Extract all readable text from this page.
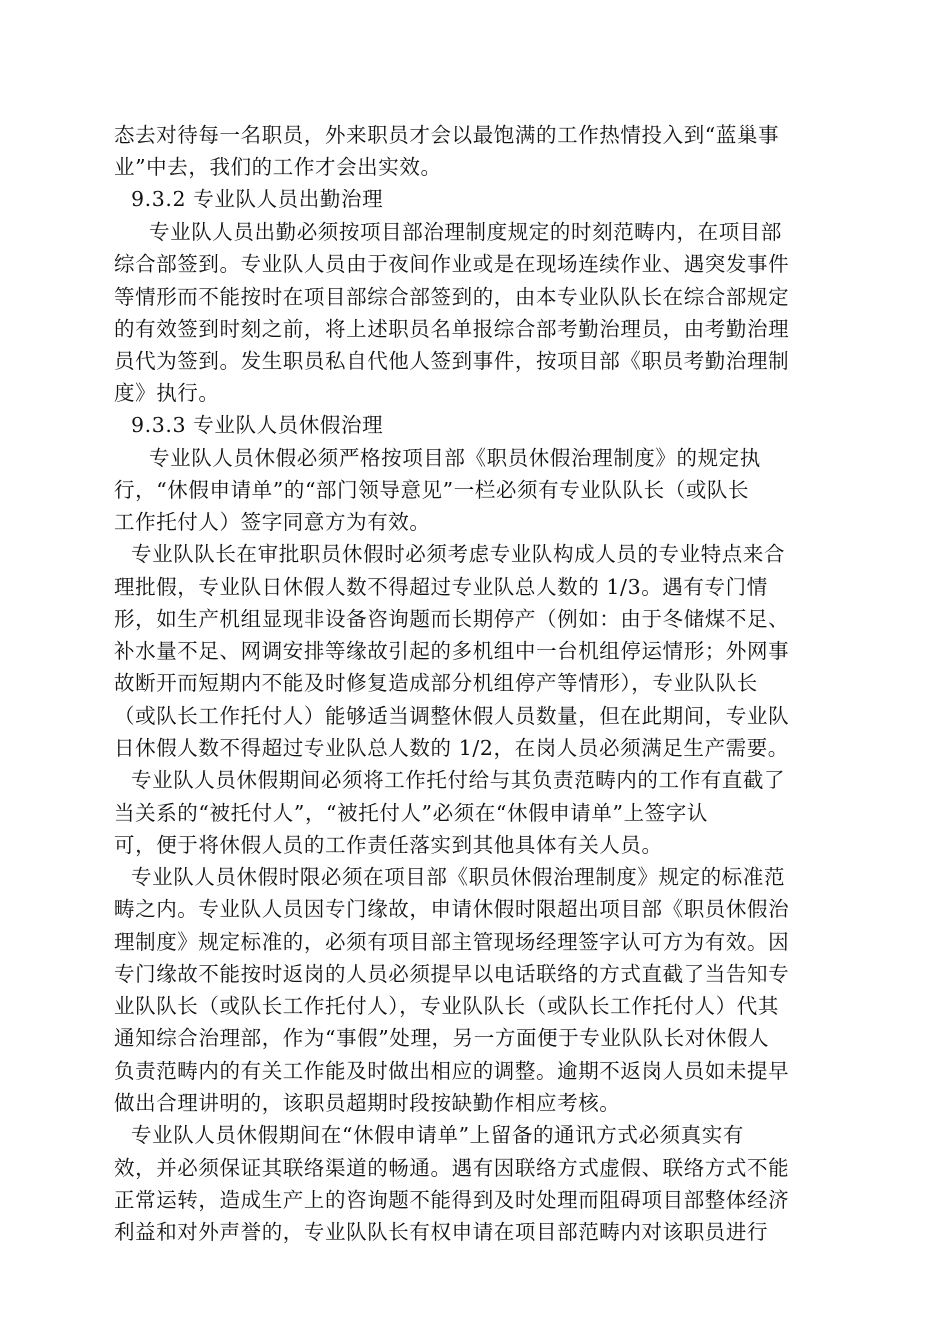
态去对待每一名职员，外来职员才会以最饱满的工作热情投入到“蓝巢事
业”中去，我们的工作才会出实效。
9.3.2 专业队人员出勤治理
专业队人员出勤必须按项目部治理制度规定的时刻范畴内，在项目部
综合部签到。专业队人员由于夜间作业或是在现场连续作业、遇突发事件
等情形而不能按时在项目部综合部签到的，由本专业队队长在综合部规定
的有效签到时刻之前，将上述职员名单报综合部考勤治理员，由考勤治理
员代为签到。发生职员私自代他人签到事件，按项目部《职员考勤治理制
度》执行。
9.3.3 专业队人员休假治理
专业队人员休假必须严格按项目部《职员休假治理制度》的规定执
行，“休假申请单”的“部门领导意见”一栏必须有专业队队长（或队长
工作托付人）签字同意方为有效。
专业队队长在审批职员休假时必须考虑专业队构成人员的专业特点来合
理批假，专业队日休假人数不得超过专业队总人数的 1/3。遇有专门情
形，如生产机组显现非设备咨询题而长期停产（例如：由于冬储煤不足、
补水量不足、网调安排等缘故引起的多机组中一台机组停运情形；外网事
故断开而短期内不能及时修复造成部分机组停产等情形），专业队队长
（或队长工作托付人）能够适当调整休假人员数量，但在此期间，专业队
日休假人数不得超过专业队总人数的 1/2，在岗人员必须满足生产需要。
专业队人员休假期间必须将工作托付给与其负责范畴内的工作有直截了
当关系的“被托付人”，“被托付人”必须在“休假申请单”上签字认
可，便于将休假人员的工作责任落实到其他具体有关人员。
专业队人员休假时限必须在项目部《职员休假治理制度》规定的标准范
畴之内。专业队人员因专门缘故，申请休假时限超出项目部《职员休假治
理制度》规定标准的，必须有项目部主管现场经理签字认可方为有效。因
专门缘故不能按时返岗的人员必须提早以电话联络的方式直截了当告知专
业队队长（或队长工作托付人），专业队队长（或队长工作托付人）代其
通知综合治理部，作为“事假”处理，另一方面便于专业队队长对休假人
负责范畴内的有关工作能及时做出相应的调整。逾期不返岗人员如未提早
做出合理讲明的，该职员超期时段按缺勤作相应考核。
专业队人员休假期间在“休假申请单”上留备的通讯方式必须真实有
效，并必须保证其联络渠道的畅通。遇有因联络方式虚假、联络方式不能
正常运转，造成生产上的咨询题不能得到及时处理而阻碍项目部整体经济
利益和对外声誉的，专业队队长有权申请在项目部范畴内对该职员进行
